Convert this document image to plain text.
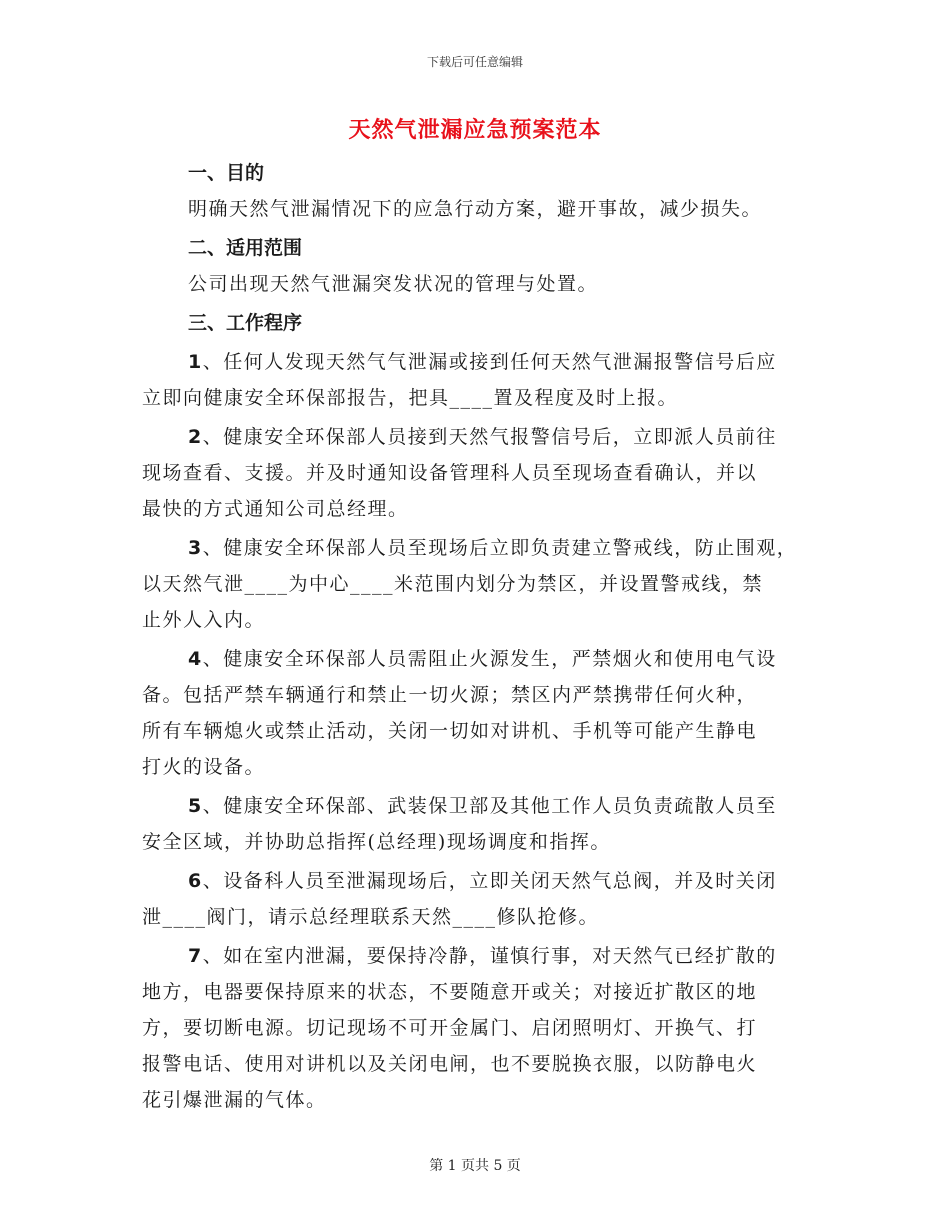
下载后可任意编辑
天然气泄漏应急预案范本
一、目的
明确天然气泄漏情况下的应急行动方案，避开事故，减少损失。
二、适用范围
公司出现天然气泄漏突发状况的管理与处置。
三、工作程序
1、任何人发现天然气气泄漏或接到任何天然气泄漏报警信号后应
立即向健康安全环保部报告，把具____置及程度及时上报。
2、健康安全环保部人员接到天然气报警信号后，立即派人员前往
现场查看、支援。并及时通知设备管理科人员至现场查看确认，并以
最快的方式通知公司总经理。
3、健康安全环保部人员至现场后立即负责建立警戒线，防止围观，
以天然气泄____为中心____米范围内划分为禁区，并设置警戒线，禁
止外人入内。
4、健康安全环保部人员需阻止火源发生，严禁烟火和使用电气设
备。包括严禁车辆通行和禁止一切火源；禁区内严禁携带任何火种，
所有车辆熄火或禁止活动，关闭一切如对讲机、手机等可能产生静电
打火的设备。
5、健康安全环保部、武装保卫部及其他工作人员负责疏散人员至
安全区域，并协助总指挥(总经理)现场调度和指挥。
6、设备科人员至泄漏现场后，立即关闭天然气总阀，并及时关闭
泄____阀门，请示总经理联系天然____修队抢修。
7、如在室内泄漏，要保持冷静，谨慎行事，对天然气已经扩散的
地方，电器要保持原来的状态，不要随意开或关；对接近扩散区的地
方，要切断电源。切记现场不可开金属门、启闭照明灯、开换气、打
报警电话、使用对讲机以及关闭电闸，也不要脱换衣服，以防静电火
花引爆泄漏的气体。
第 1 页共 5 页
